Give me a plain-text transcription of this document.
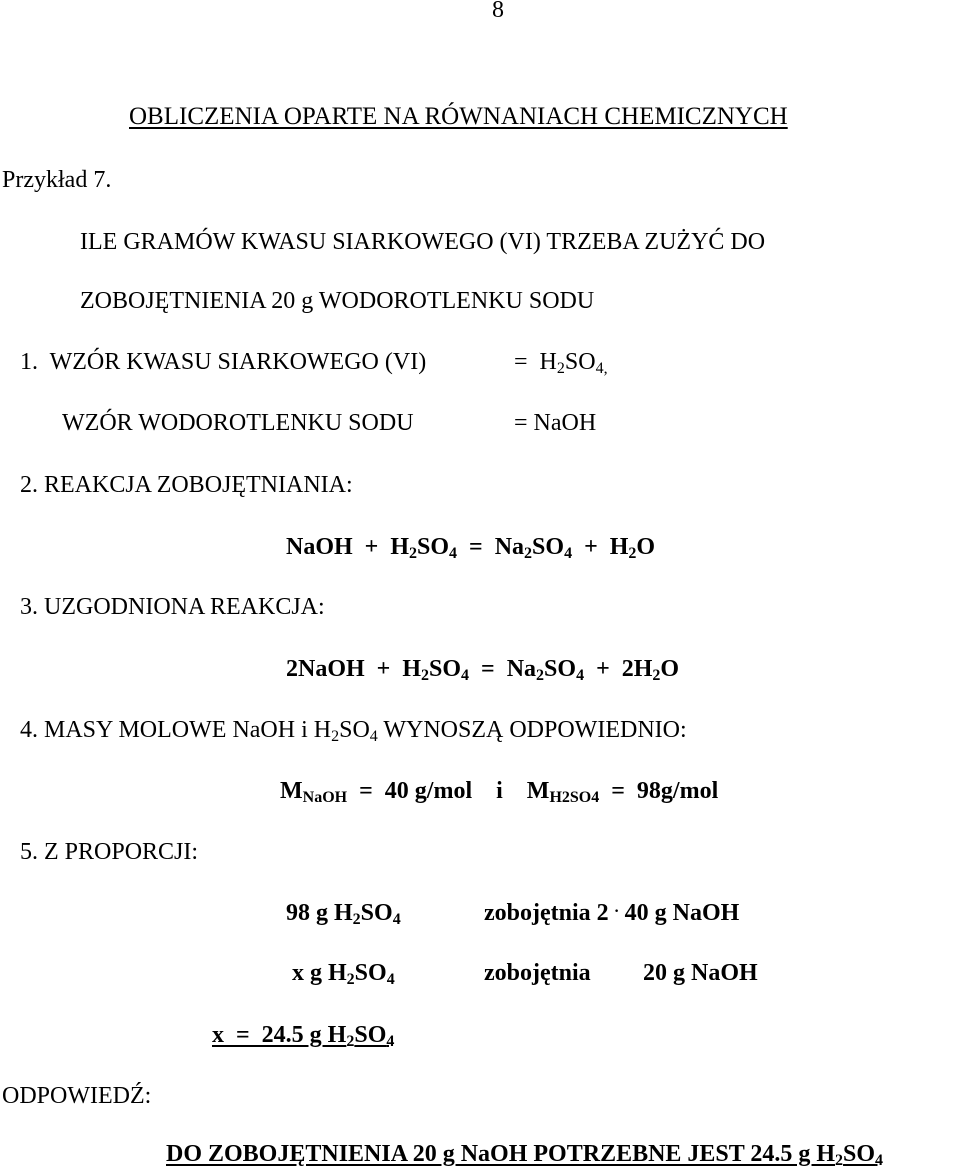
8
OBLICZENIA OPARTE NA RÓWNANIACH CHEMICZNYCH
Przykład 7.
ILE GRAMÓW KWASU SIARKOWEGO (VI) TRZEBA ZUŻYĆ DO
ZOBOJĘTNIENIA 20 g WODOROTLENKU SODU
1.  WZÓR KWASU SIARKOWEGO (VI)	= $H_2SO_{4,}$
WZÓR WODOROTLENKU SODU	= NaOH
2. REAKCJA ZOBOJĘTNIANIA:
NaOH  +  $H_2SO_4 = Na_2SO_4 + H_2O$
3. UZGODNIONA REAKCJA:
2NaOH  +  $H_2SO_4 = Na_2SO_4 + 2H_2O$
4. MASY MOLOWE NaOH i $H_2SO_4$ WYNOSZĄ ODPOWIEDNIO:
$M_{NaOH} = 40$ g/mol    i    $M_{H2SO4} = 98g/mol$
5. Z PROPORCJI:
98 g $H_2SO_4$	zobojętnia 2 . 40 g NaOH
x g $H_2SO_4$	zobojętnia 20 g NaOH
x  =  24.5 g $H_2SO_4$
ODPOWIEDŹ:
DO ZOBOJĘTNIENIA 20 g NaOH POTRZEBNE JEST 24.5 g $H_2SO_4$
